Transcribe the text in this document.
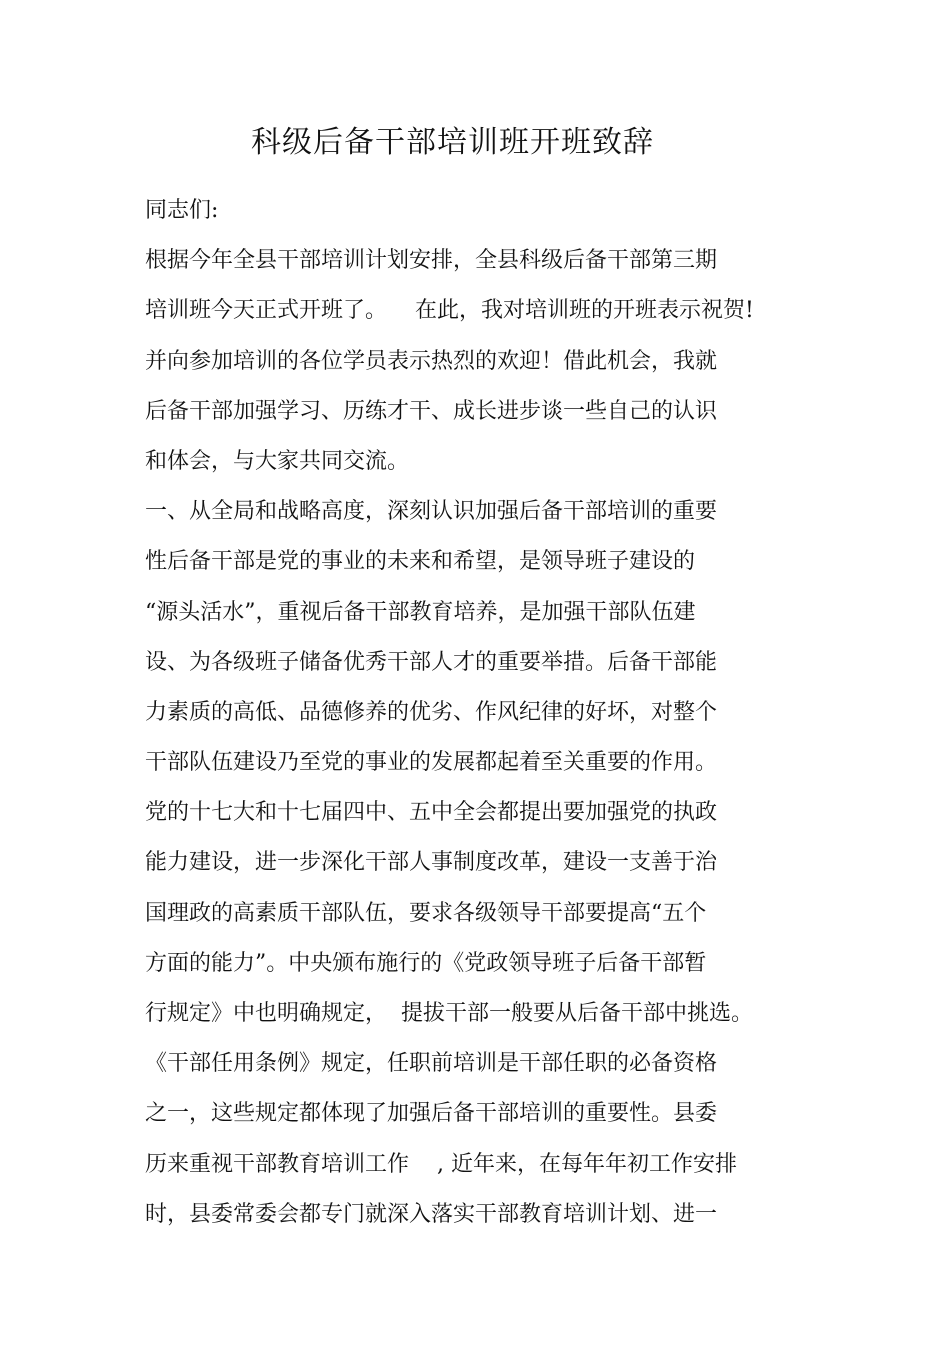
科级后备干部培训班开班致辞
同志们:
根据今年全县干部培训计划安排，全县科级后备干部第三期
培训班今天正式开班了。    在此，我对培训班的开班表示祝贺!
并向参加培训的各位学员表示热烈的欢迎！借此机会，我就
后备干部加强学习、历练才干、成长进步谈一些自己的认识
和体会，与大家共同交流。
一、从全局和战略高度，深刻认识加强后备干部培训的重要
性后备干部是党的事业的未来和希望，是领导班子建设的
“源头活水”，重视后备干部教育培养，是加强干部队伍建
设、为各级班子储备优秀干部人才的重要举措。后备干部能
力素质的高低、品德修养的优劣、作风纪律的好坏，对整个
干部队伍建设乃至党的事业的发展都起着至关重要的作用。
党的十七大和十七届四中、五中全会都提出要加强党的执政
能力建设，进一步深化干部人事制度改革，建设一支善于治
国理政的高素质干部队伍，要求各级领导干部要提高“五个
方面的能力”。中央颁布施行的《党政领导班子后备干部暂
行规定》中也明确规定，  提拔干部一般要从后备干部中挑选。
《干部任用条例》规定，任职前培训是干部任职的必备资格
之一，这些规定都体现了加强后备干部培训的重要性。县委
历来重视干部教育培训工作    , 近年来，在每年年初工作安排
时，县委常委会都专门就深入落实干部教育培训计划、进一
